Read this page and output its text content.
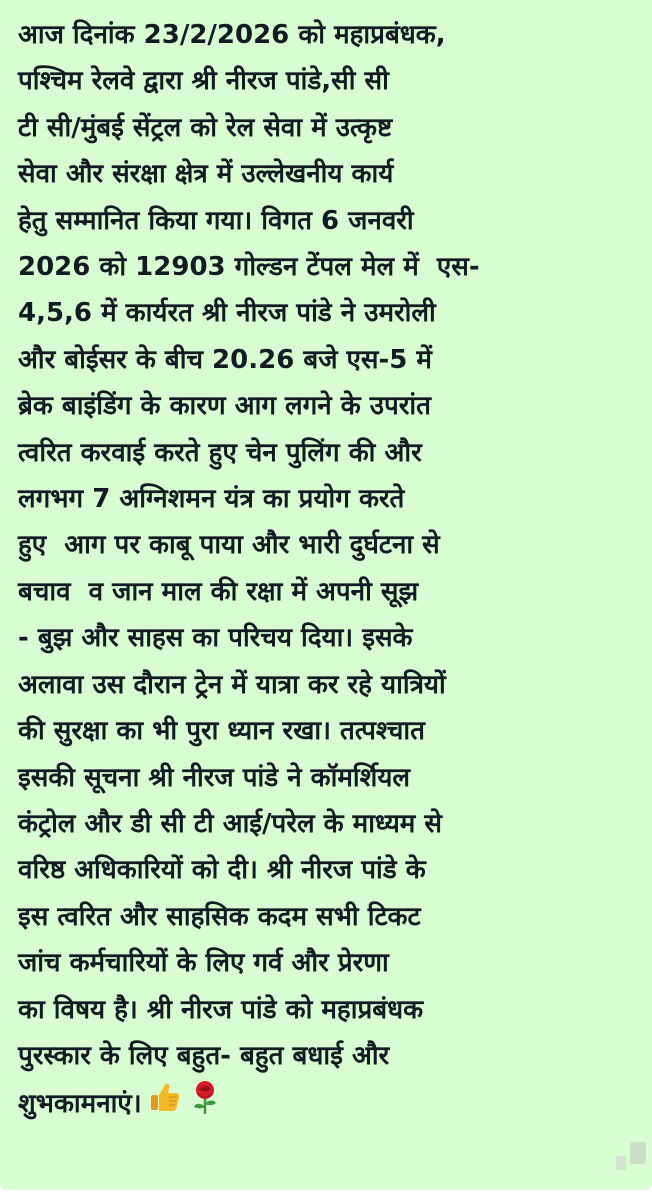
आज दिनांक 23/2/2026 को महाप्रबंधक,
पश्चिम रेलवे द्वारा श्री नीरज पांडे,सी सी
टी सी/मुंबई सेंट्रल को रेल सेवा में उत्कृष्ट
सेवा और संरक्षा क्षेत्र में उल्लेखनीय कार्य
हेतु सम्मानित किया गया। विगत 6 जनवरी
2026 को 12903 गोल्डन टेंपल मेल में  एस-
4,5,6 में कार्यरत श्री नीरज पांडे ने उमरोली
और बोईसर के बीच 20.26 बजे एस-5 में
ब्रेक बाइंडिंग के कारण आग लगने के उपरांत
त्वरित करवाई करते हुए चेन पुलिंग की और
लगभग 7 अग्निशमन यंत्र का प्रयोग करते
हुए  आग पर काबू पाया और भारी दुर्घटना से
बचाव  व जान माल की रक्षा में अपनी सूझ
- बुझ और साहस का परिचय दिया। इसके
अलावा उस दौरान ट्रेन में यात्रा कर रहे यात्रियों
की सुरक्षा का भी पुरा ध्यान रखा। तत्पश्चात
इसकी सूचना श्री नीरज पांडे ने कॉमर्शियल
कंट्रोल और डी सी टी आई/परेल के माध्यम से
वरिष्ठ अधिकारियों को दी। श्री नीरज पांडे के
इस त्वरित और साहसिक कदम सभी टिकट
जांच कर्मचारियों के लिए गर्व और प्रेरणा
का विषय है। श्री नीरज पांडे को महाप्रबंधक
पुरस्कार के लिए बहुत- बहुत बधाई और
शुभकामनाएं।
